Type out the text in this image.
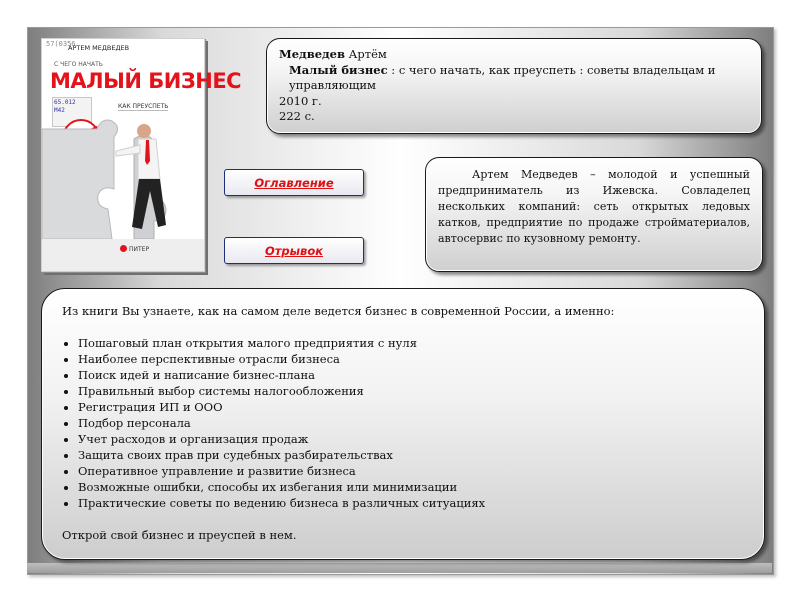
57(0356
АРТЕМ МЕДВЕДЕВ
С ЧЕГО НАЧАТЬ
МАЛЫЙ БИЗНЕС
65.012 M42
КАК ПРЕУСПЕТЬ
ПИТЕР
Медведев Артём
Малый бизнес : с чего начать, как преуспеть : советы владельцам и управляющим
2010 г.
222 с.
Оглавление
Отрывок
Артем Медведев – молодой и успешный предприниматель из Ижевска. Совладелец нескольких компаний: сеть открытых ледовых катков, предприятие по продаже стройматериалов, автосервис по кузовному ремонту.
Из книги Вы узнаете, как на самом деле ведется бизнес в современной России, а именно:
• Пошаговый план открытия малого предприятия с нуля
• Наиболее перспективные отрасли бизнеса
• Поиск идей и написание бизнес-плана
• Правильный выбор системы налогообложения
• Регистрация ИП и ООО
• Подбор персонала
• Учет расходов и организация продаж
• Защита своих прав при судебных разбирательствах
• Оперативное управление и развитие бизнеса
• Возможные ошибки, способы их избегания или минимизации
• Практические советы по ведению бизнеса в различных ситуациях
Открой свой бизнес и преуспей в нем.
